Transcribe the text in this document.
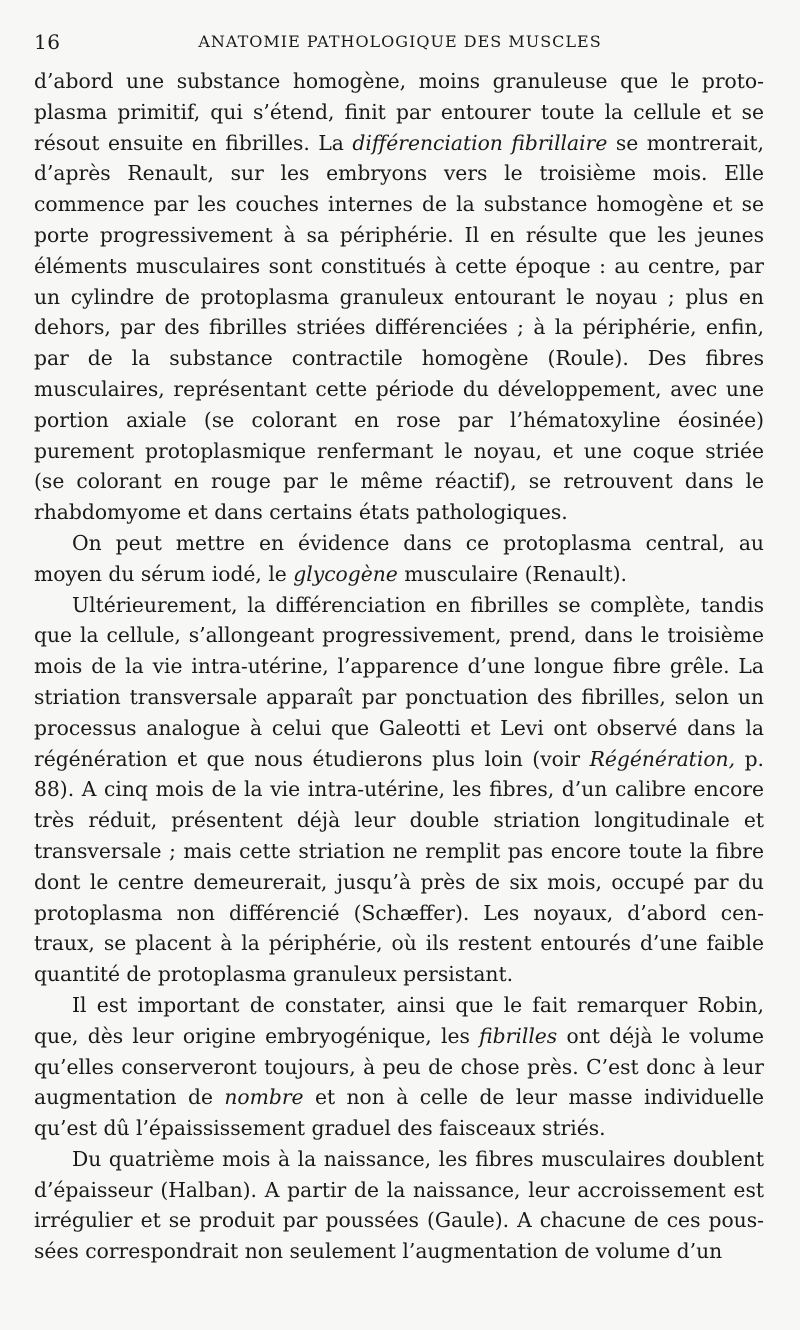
16	ANATOMIE PATHOLOGIQUE DES MUSCLES

d’abord une substance homogène, moins granuleuse que le protoplasma primitif, qui s’étend, finit par entourer toute la cellule et se résout ensuite en fibrilles. La différenciation fibrillaire se montrerait, d’après Renault, sur les embryons vers le troisième mois. Elle commence par les couches internes de la substance homogène et se porte progressivement à sa périphérie. Il en résulte que les jeunes éléments musculaires sont constitués à cette époque : au centre, par un cylindre de protoplasma granuleux entourant le noyau ; plus en dehors, par des fibrilles striées différenciées ; à la périphérie, enfin, par de la substance contractile homogène (Roule). Des fibres musculaires, représentant cette période du développement, avec une portion axiale (se colorant en rose par l’hématoxyline éosinée) purement protoplasmique renfermant le noyau, et une coque striée (se colorant en rouge par le même réactif), se retrouvent dans le rhabdomyome et dans certains états pathologiques.

On peut mettre en évidence dans ce protoplasma central, au moyen du sérum iodé, le glycogène musculaire (Renault).

Ultérieurement, la différenciation en fibrilles se complète, tandis que la cellule, s’allongeant progressivement, prend, dans le troisième mois de la vie intra-utérine, l’apparence d’une longue fibre grêle. La striation transversale apparaît par ponctuation des fibrilles, selon un processus analogue à celui que Galeotti et Levi ont observé dans la régénération et que nous étudierons plus loin (voir Régénération, p. 88). A cinq mois de la vie intra-utérine, les fibres, d’un calibre encore très réduit, présentent déjà leur double striation longitudinale et transversale ; mais cette striation ne remplit pas encore toute la fibre dont le centre demeurerait, jusqu’à près de six mois, occupé par du protoplasma non différencié (Schæffer). Les noyaux, d’abord centraux, se placent à la périphérie, où ils restent entourés d’une faible quantité de protoplasma granuleux persistant.

Il est important de constater, ainsi que le fait remarquer Robin, que, dès leur origine embryogénique, les fibrilles ont déjà le volume qu’elles conserveront toujours, à peu de chose près. C’est donc à leur augmentation de nombre et non à celle de leur masse individuelle qu’est dû l’épaississement graduel des faisceaux striés.

Du quatrième mois à la naissance, les fibres musculaires doublent d’épaisseur (Halban). A partir de la naissance, leur accroissement est irrégulier et se produit par poussées (Gaule). A chacune de ces poussées correspondrait non seulement l’augmentation de volume d’un
